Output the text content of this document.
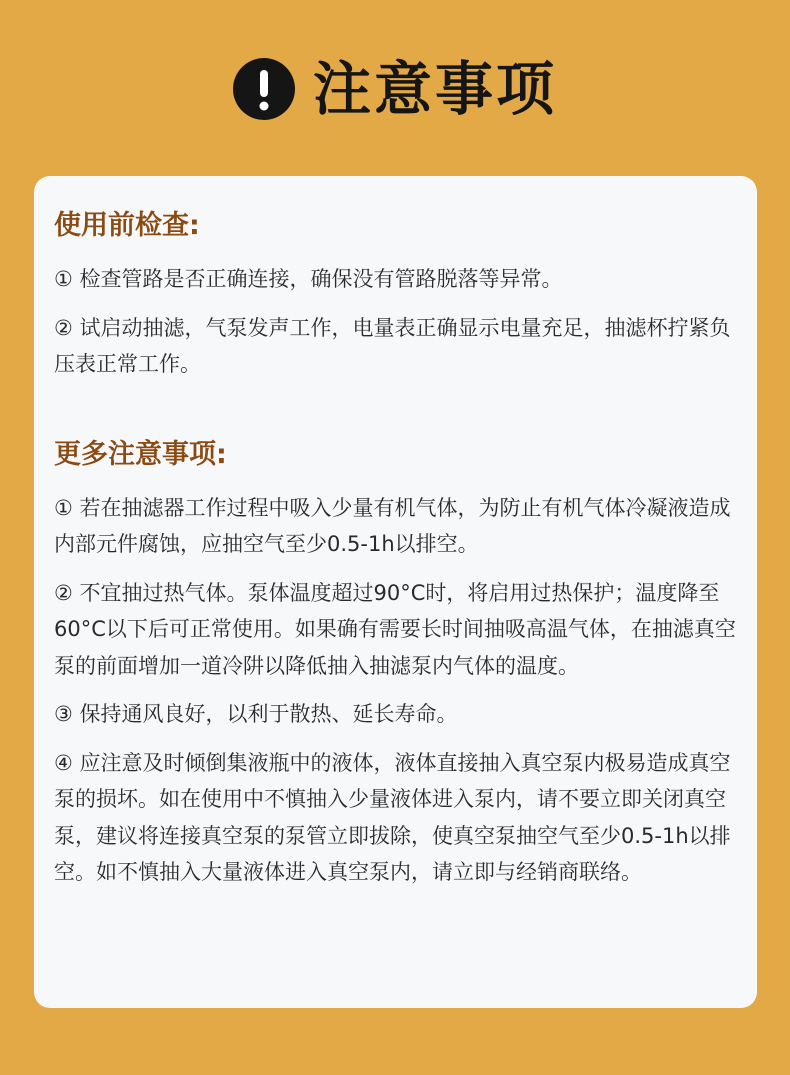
注意事项
使用前检查:

① 检查管路是否正确连接，确保没有管路脱落等异常。

② 试启动抽滤，气泵发声工作，电量表正确显示电量充足，抽滤杯拧紧负压表正常工作。

更多注意事项:

① 若在抽滤器工作过程中吸入少量有机气体，为防止有机气体冷凝液造成内部元件腐蚀，应抽空气至少0.5-1h以排空。

② 不宜抽过热气体。泵体温度超过90°C时，将启用过热保护；温度降至60°C以下后可正常使用。如果确有需要长时间抽吸高温气体，在抽滤真空泵的前面增加一道冷阱以降低抽入抽滤泵内气体的温度。

③ 保持通风良好，以利于散热、延长寿命。

④ 应注意及时倾倒集液瓶中的液体，液体直接抽入真空泵内极易造成真空泵的损坏。如在使用中不慎抽入少量液体进入泵内，请不要立即关闭真空泵，建议将连接真空泵的泵管立即拔除，使真空泵抽空气至少0.5-1h以排空。如不慎抽入大量液体进入真空泵内，请立即与经销商联络。
